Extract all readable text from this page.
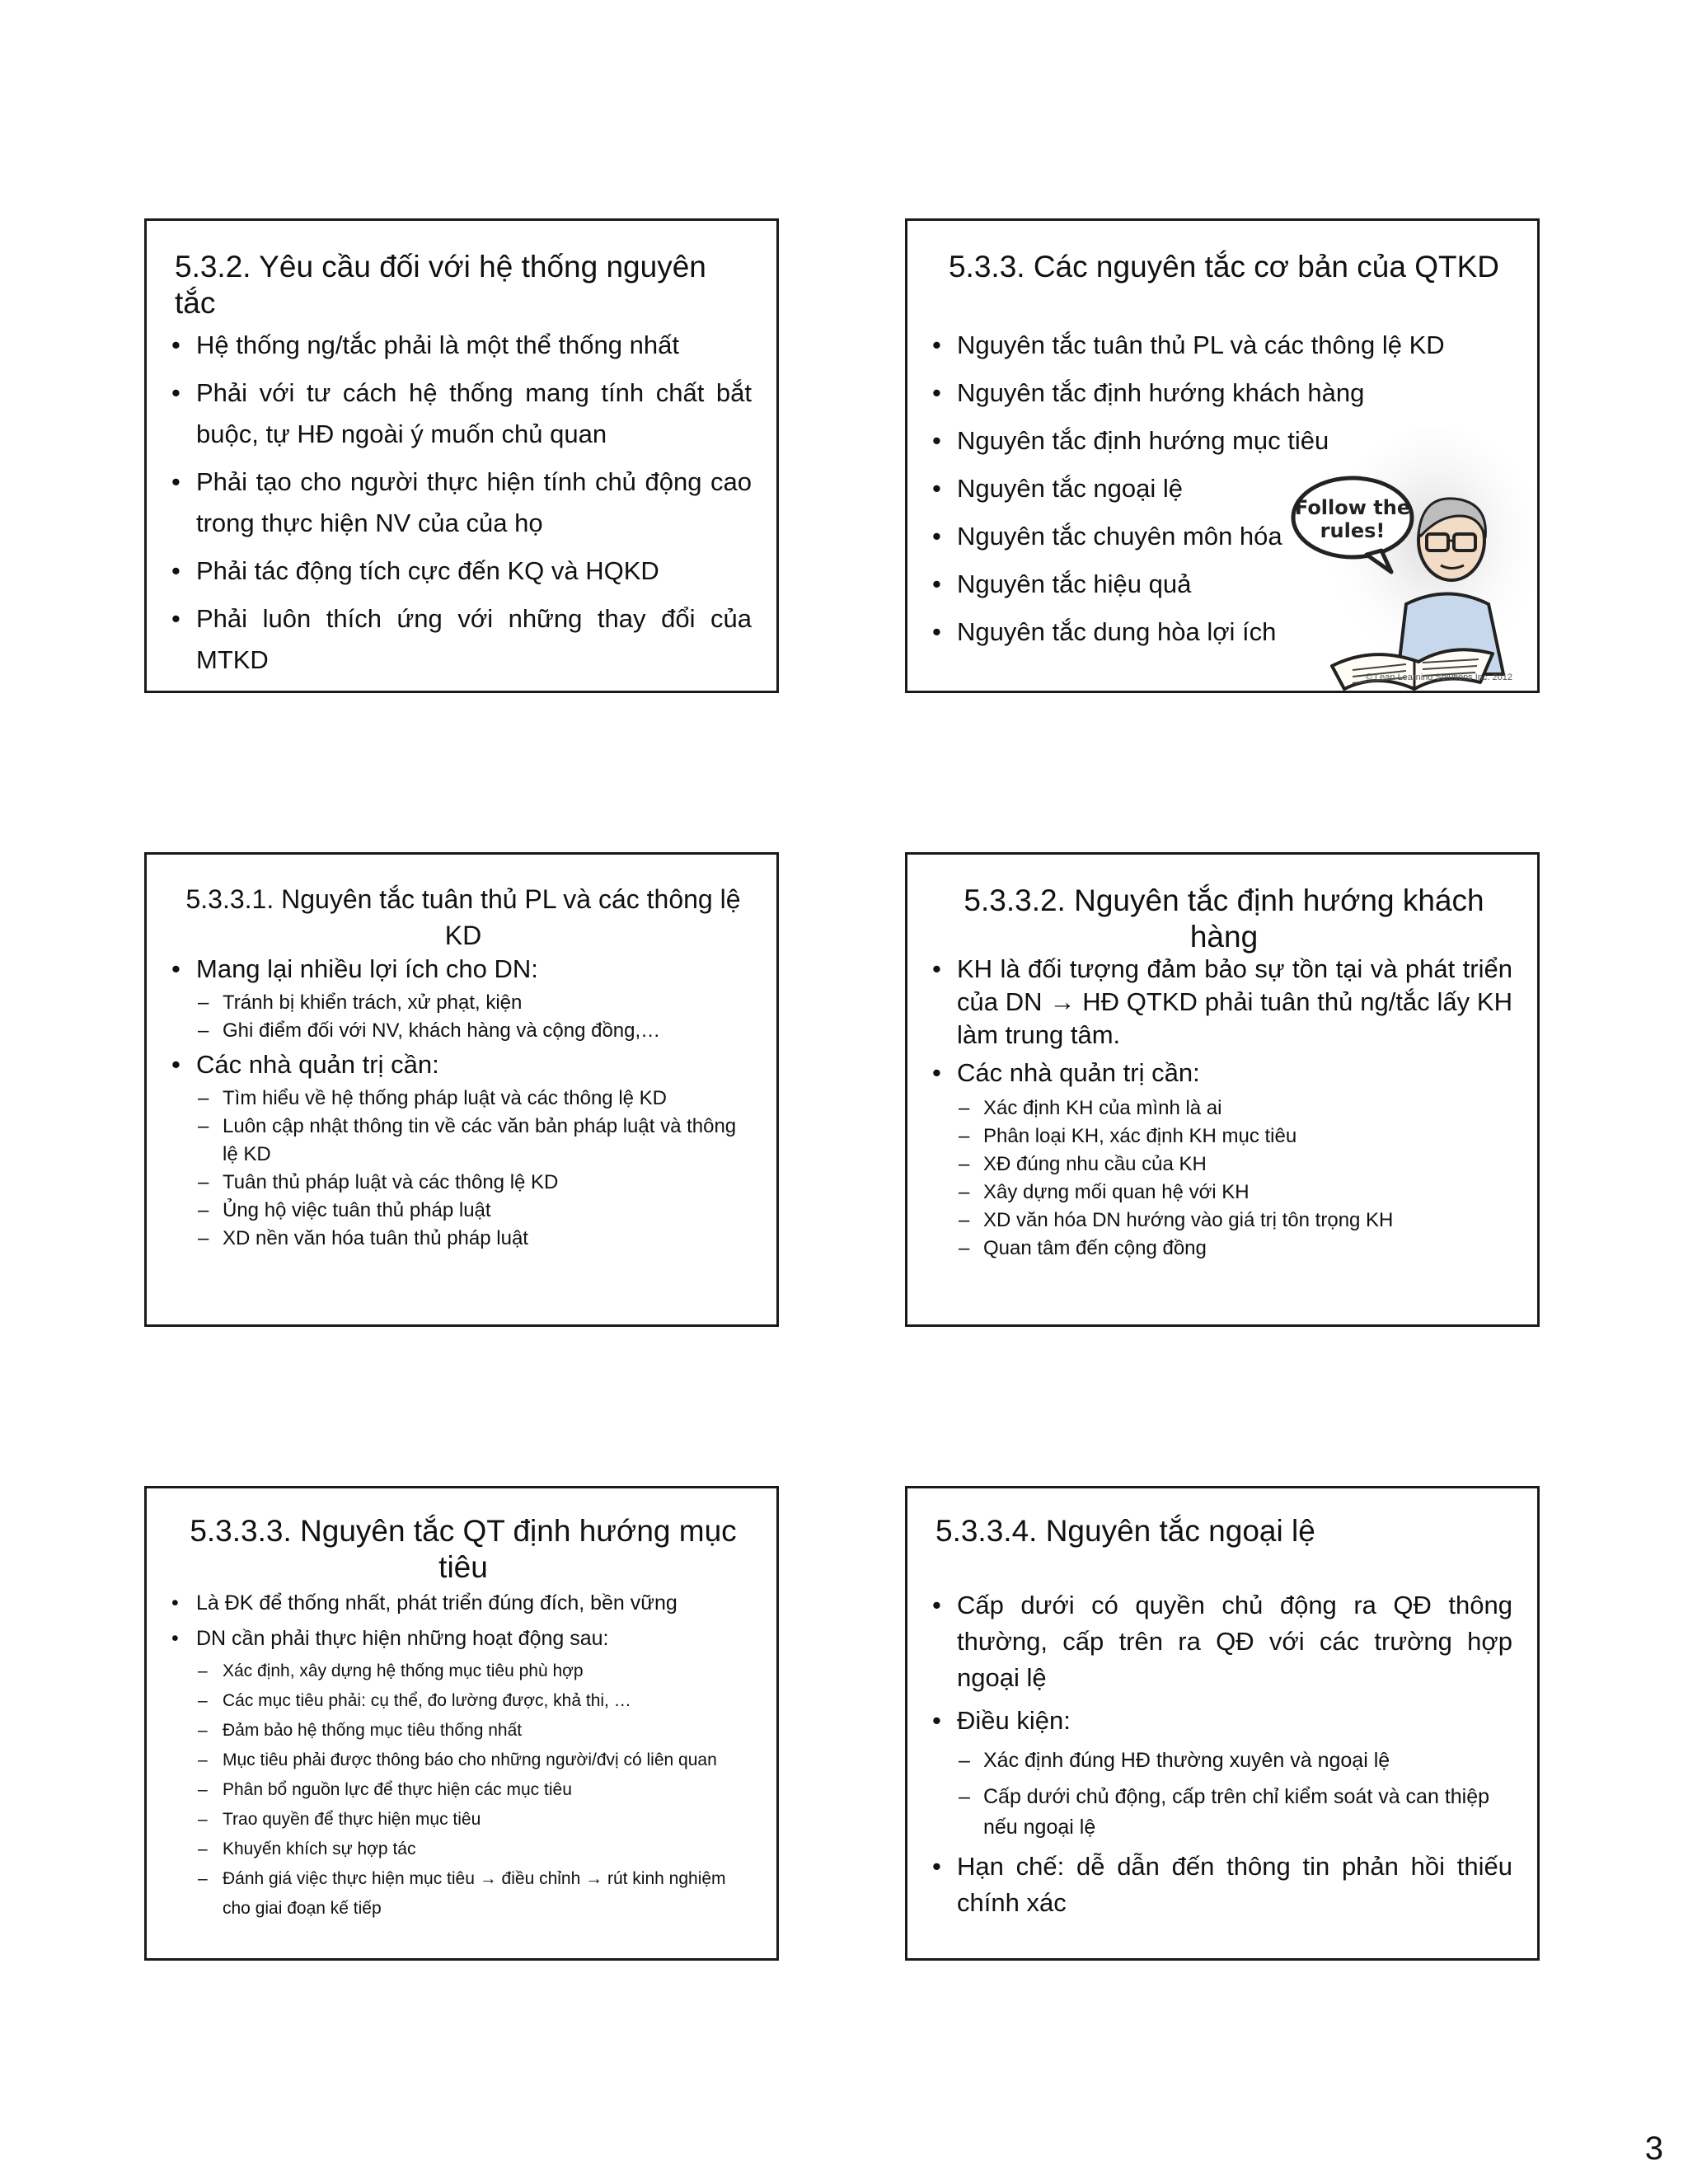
5.3.2. Yêu cầu đối với hệ thống nguyên tắc
• Hệ thống ng/tắc phải là một thể thống nhất
• Phải với tư cách hệ thống mang tính chất bắt buộc, tự HĐ ngoài ý muốn chủ quan
• Phải tạo cho người thực hiện tính chủ động cao trong thực hiện NV của của họ
• Phải tác động tích cực đến KQ và HQKD
• Phải luôn thích ứng với những thay đổi của MTKD
5.3.3. Các nguyên tắc cơ bản của QTKD
• Nguyên tắc tuân thủ PL và các thông lệ KD
• Nguyên tắc định hướng khách hàng
• Nguyên tắc định hướng mục tiêu
• Nguyên tắc ngoại lệ
• Nguyên tắc chuyên môn hóa
• Nguyên tắc hiệu quả
• Nguyên tắc dung hòa lợi ích
Follow the
rules!
© Lean Learning Solutions Inc. 2012
5.3.3.1. Nguyên tắc tuân thủ PL và các thông lệ KD
• Mang lại nhiều lợi ích cho DN:
– Tránh bị khiển trách, xử phạt, kiện
– Ghi điểm đối với NV, khách hàng và cộng đồng,…
• Các nhà quản trị cần:
– Tìm hiểu về hệ thống pháp luật và các thông lệ KD
– Luôn cập nhật thông tin về các văn bản pháp luật và thông lệ KD
– Tuân thủ pháp luật và các thông lệ KD
– Ủng hộ việc tuân thủ pháp luật
– XD nền văn hóa tuân thủ pháp luật
5.3.3.2. Nguyên tắc định hướng khách hàng
• KH là đối tượng đảm bảo sự tồn tại và phát triển của DN → HĐ QTKD phải tuân thủ ng/tắc lấy KH làm trung tâm.
• Các nhà quản trị cần:
– Xác định KH của mình là ai
– Phân loại KH, xác định KH mục tiêu
– XĐ đúng nhu cầu của KH
– Xây dựng mối quan hệ với KH
– XD văn hóa DN hướng vào giá trị tôn trọng KH
– Quan tâm đến cộng đồng
5.3.3.3. Nguyên tắc QT định hướng mục tiêu
• Là ĐK để thống nhất, phát triển đúng đích, bền vững
• DN cần phải thực hiện những hoạt động sau:
– Xác định, xây dựng hệ thống mục tiêu phù hợp
– Các mục tiêu phải: cụ thể, đo lường được, khả thi, …
– Đảm bảo hệ thống mục tiêu thống nhất
– Mục tiêu phải được thông báo cho những người/đvị có liên quan
– Phân bổ nguồn lực để thực hiện các mục tiêu
– Trao quyền để thực hiện mục tiêu
– Khuyến khích sự hợp tác
– Đánh giá việc thực hiện mục tiêu → điều chỉnh → rút kinh nghiệm cho giai đoạn kế tiếp
5.3.3.4. Nguyên tắc ngoại lệ
• Cấp dưới có quyền chủ động ra QĐ thông thường, cấp trên ra QĐ với các trường hợp ngoại lệ
• Điều kiện:
– Xác định đúng HĐ thường xuyên và ngoại lệ
– Cấp dưới chủ động, cấp trên chỉ kiểm soát và can thiệp nếu ngoại lệ
• Hạn chế: dễ dẫn đến thông tin phản hồi thiếu chính xác
3
